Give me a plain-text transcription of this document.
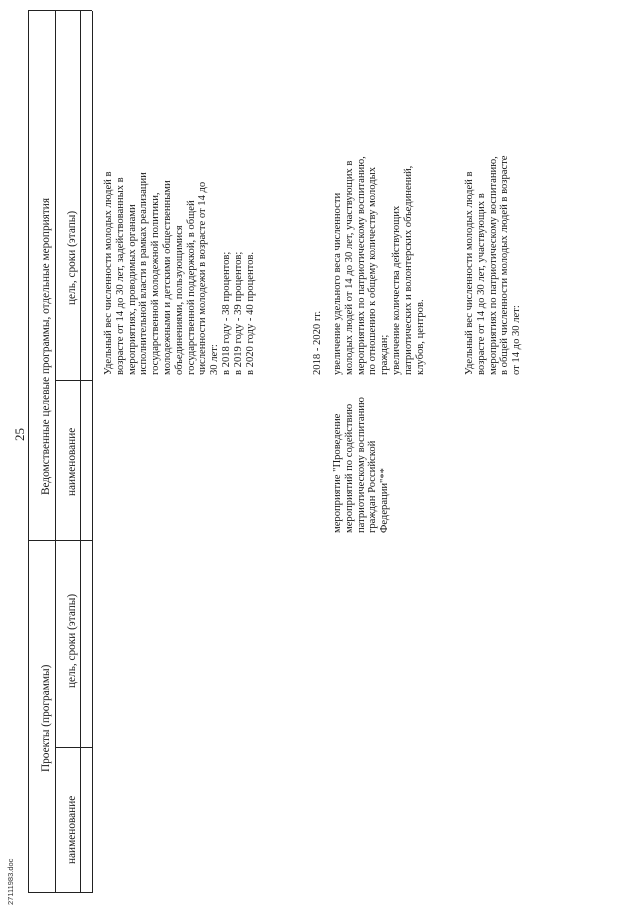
25
Проекты (программы)
наименование
цель, сроки (этапы)
Ведомственные целевые программы, отдельные мероприятия наименование
цель, сроки (этапы)
Удельный вес численности молодых людей в
возрасте от 14 до 30 лет, задействованных в
мероприятиях, проводимых органами
исполнительной власти в рамках реализации
государственной молодежной политики,
молодежными и детскими общественными
объединениями, пользующимися
государственной поддержкой, в общей
численности молодежи в возрасте от 14 до
30 лет:
в 2018 году - 38 процентов;
в 2019 году - 39 процентов;
в 2020 году - 40 процентов.
2018 - 2020 гг.
мероприятие "Проведение
мероприятий по содействию
патриотическому воспитанию
граждан Российской
Федерации"**
увеличение удельного веса численности
молодых людей от 14 до 30 лет, участвующих в
мероприятиях по патриотическому воспитанию,
по отношению к общему количеству молодых
граждан;
увеличение количества действующих
патриотических и волонтерских объединений,
клубов, центров.
Удельный вес численности молодых людей в
возрасте от 14 до 30 лет, участвующих в
мероприятиях по патриотическому воспитанию,
в общей численности молодых людей в возрасте
от 14 до 30 лет:
27111983.doc
